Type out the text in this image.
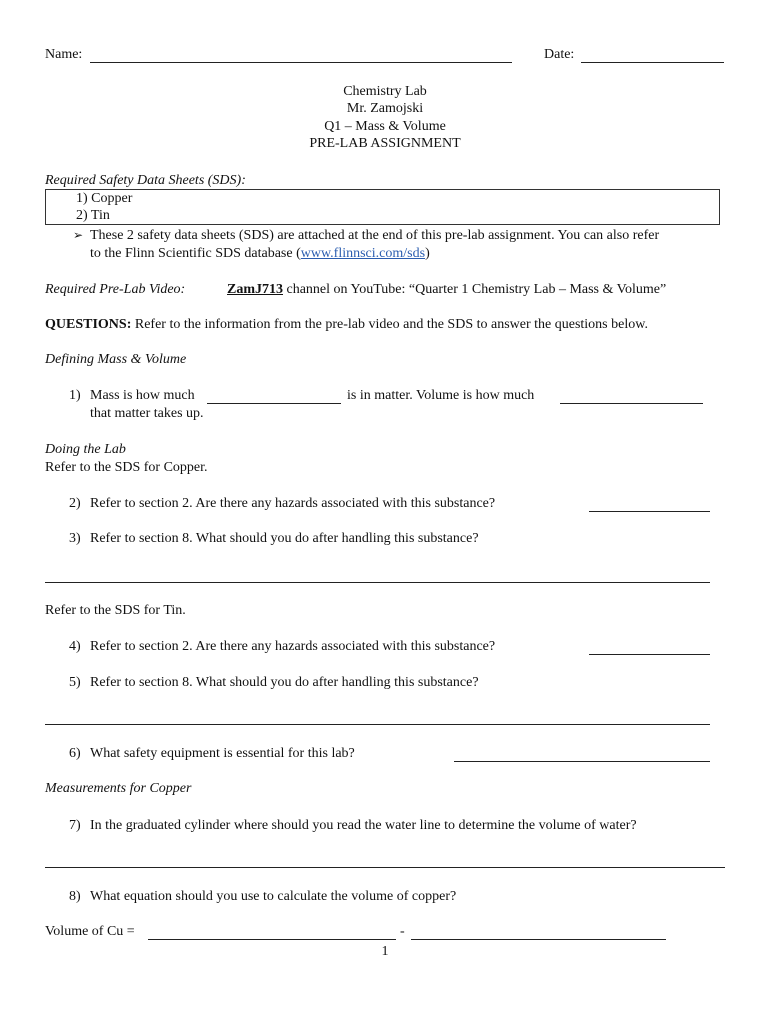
Name:	Date:
Chemistry Lab
Mr. Zamojski
Q1 – Mass & Volume
PRE-LAB ASSIGNMENT
Required Safety Data Sheets (SDS):
1) Copper
2) Tin
➢ These 2 safety data sheets (SDS) are attached at the end of this pre-lab assignment. You can also refer
to the Flinn Scientific SDS database (www.flinnsci.com/sds)
Required Pre-Lab Video:	ZamJ713 channel on YouTube: “Quarter 1 Chemistry Lab – Mass & Volume”
QUESTIONS: Refer to the information from the pre-lab video and the SDS to answer the questions below.
Defining Mass & Volume
1) Mass is how much	is in matter. Volume is how much
that matter takes up.
Doing the Lab
Refer to the SDS for Copper.
2) Refer to section 2. Are there any hazards associated with this substance?
3) Refer to section 8. What should you do after handling this substance?
Refer to the SDS for Tin.
4) Refer to section 2. Are there any hazards associated with this substance?
5) Refer to section 8. What should you do after handling this substance?
6) What safety equipment is essential for this lab?
Measurements for Copper
7) In the graduated cylinder where should you read the water line to determine the volume of water?
8) What equation should you use to calculate the volume of copper?
Volume of Cu =	-
1
